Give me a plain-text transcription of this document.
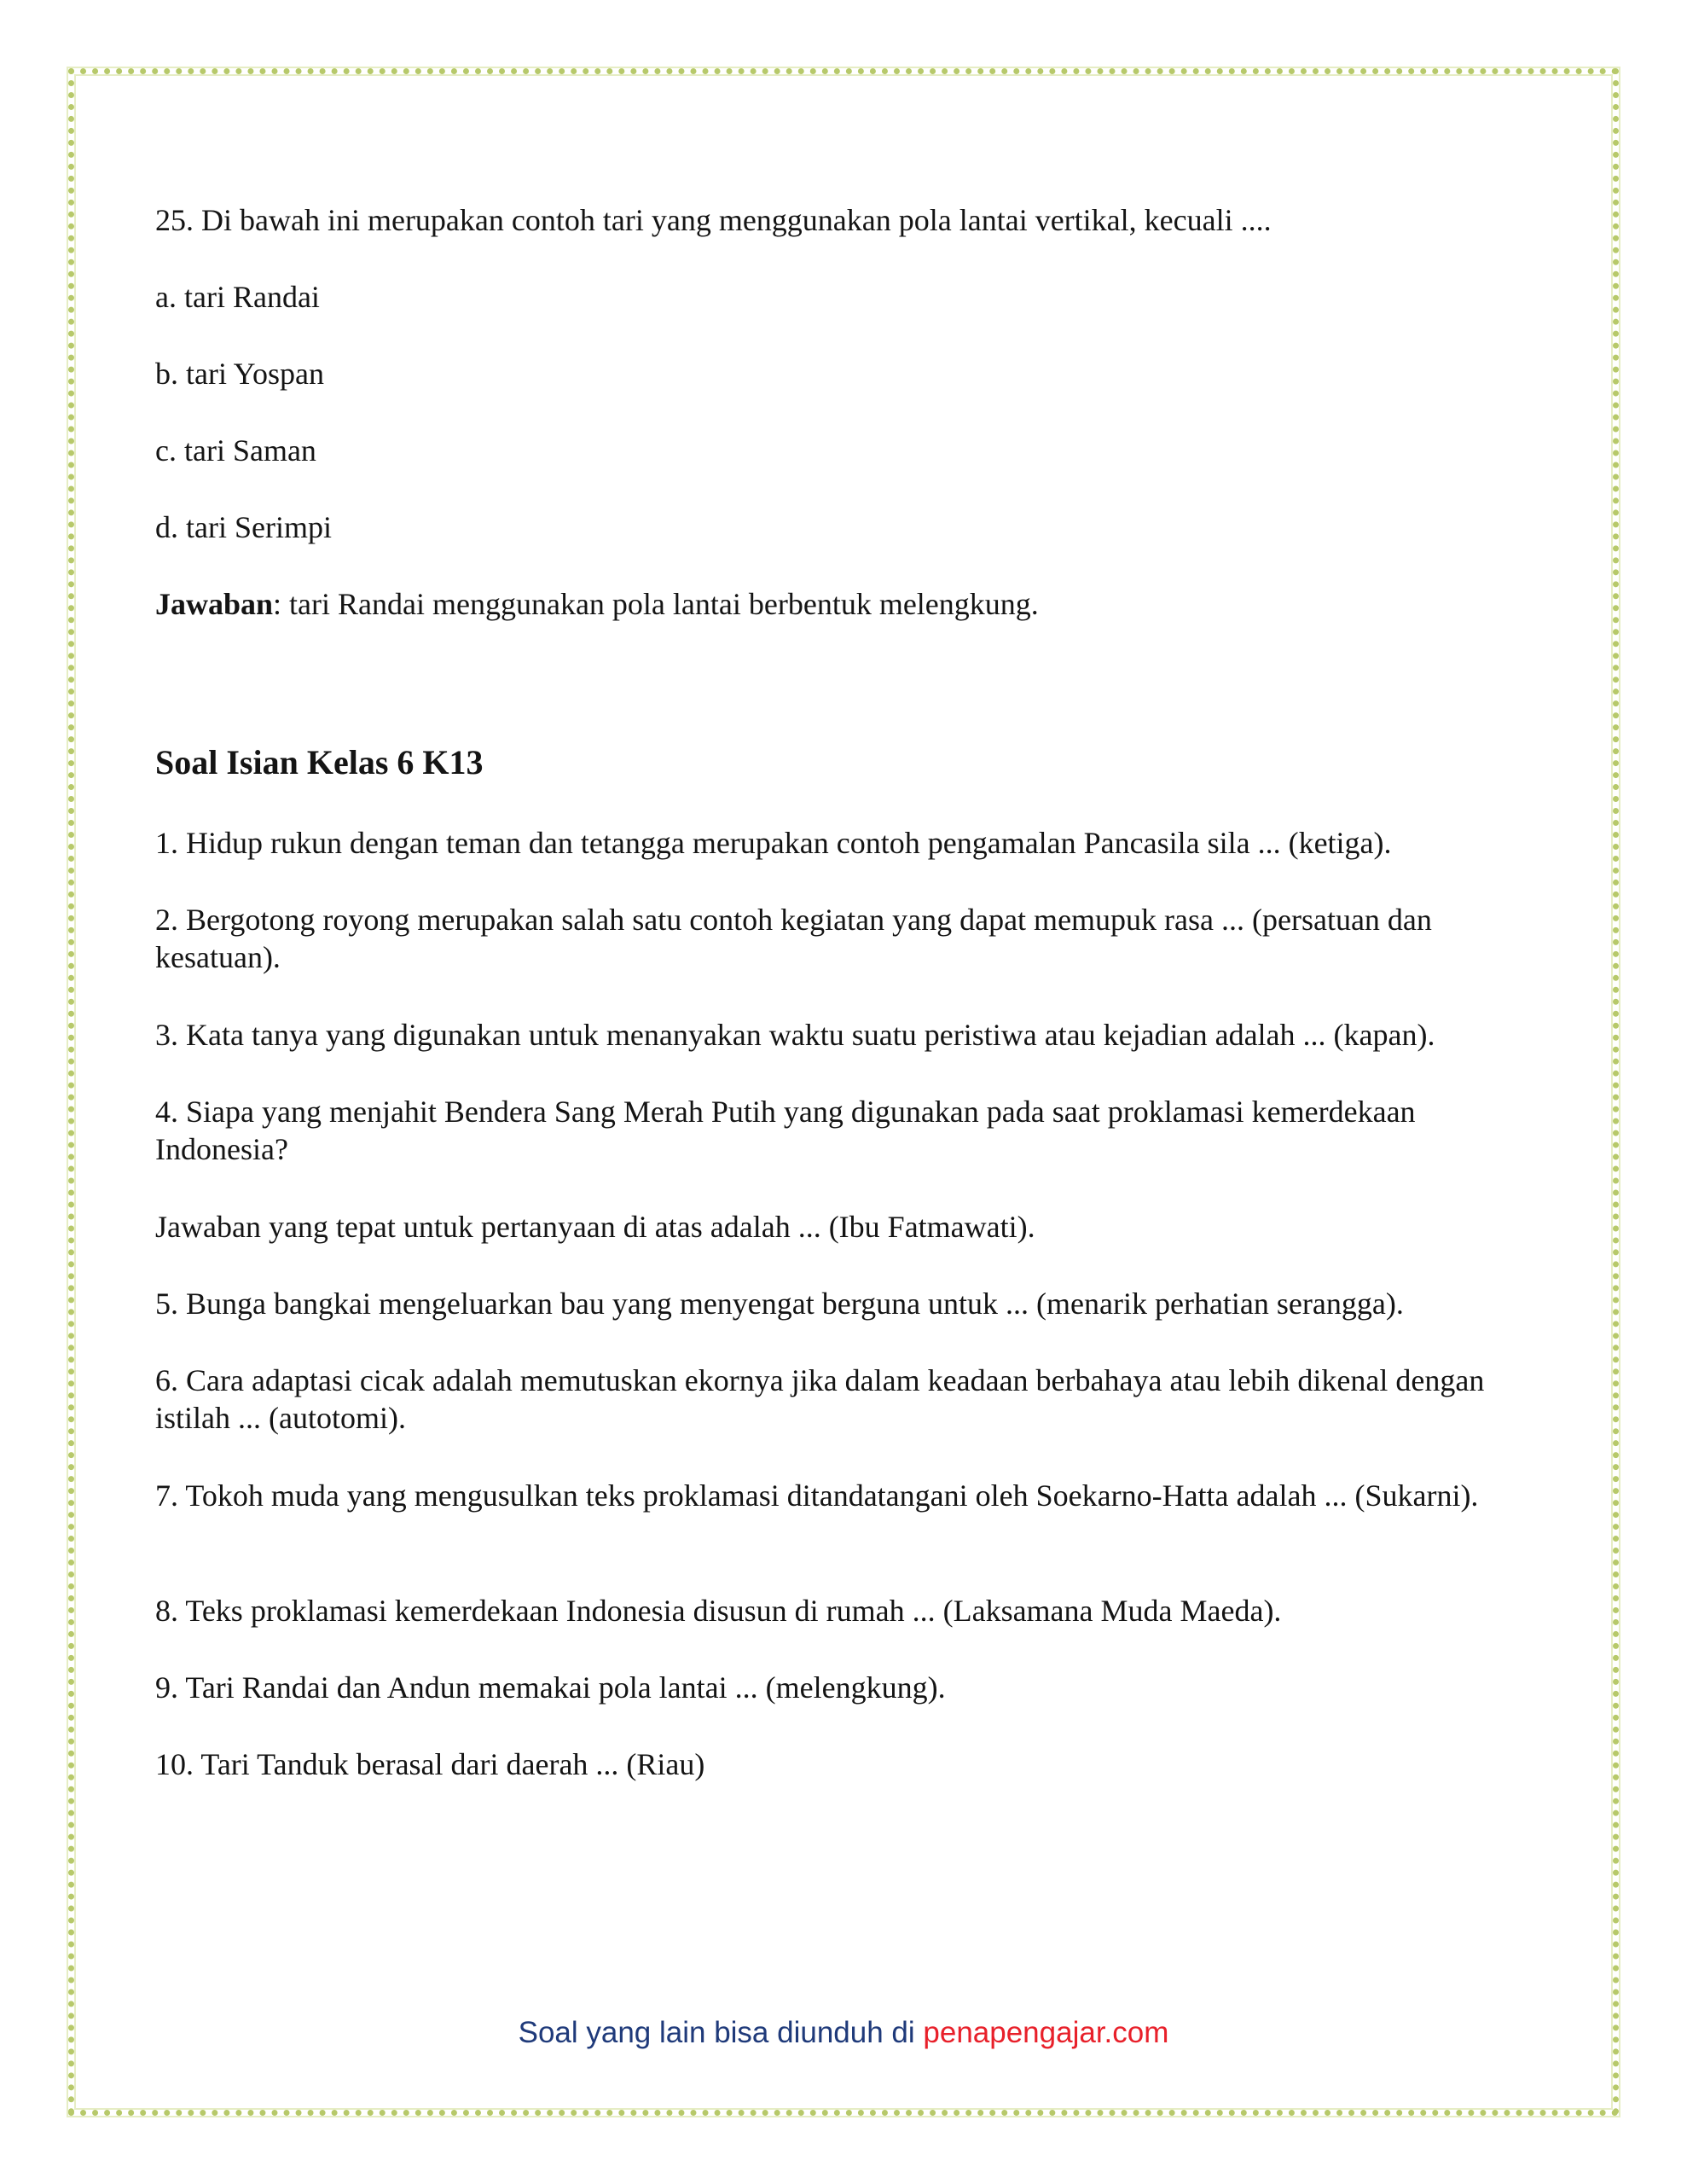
25. Di bawah ini merupakan contoh tari yang menggunakan pola lantai vertikal, kecuali ....
a. tari Randai
b. tari Yospan
c. tari Saman
d. tari Serimpi
Jawaban: tari Randai menggunakan pola lantai berbentuk melengkung.
Soal Isian Kelas 6 K13
1. Hidup rukun dengan teman dan tetangga merupakan contoh pengamalan Pancasila sila ... (ketiga).
2. Bergotong royong merupakan salah satu contoh kegiatan yang dapat memupuk rasa ... (persatuan dan kesatuan).
3. Kata tanya yang digunakan untuk menanyakan waktu suatu peristiwa atau kejadian adalah ... (kapan).
4. Siapa yang menjahit Bendera Sang Merah Putih yang digunakan pada saat proklamasi kemerdekaan Indonesia?
Jawaban yang tepat untuk pertanyaan di atas adalah ... (Ibu Fatmawati).
5. Bunga bangkai mengeluarkan bau yang menyengat berguna untuk ... (menarik perhatian serangga).
6. Cara adaptasi cicak adalah memutuskan ekornya jika dalam keadaan berbahaya atau lebih dikenal dengan istilah ... (autotomi).
7. Tokoh muda yang mengusulkan teks proklamasi ditandatangani oleh Soekarno-Hatta adalah ... (Sukarni).
8. Teks proklamasi kemerdekaan Indonesia disusun di rumah ... (Laksamana Muda Maeda).
9. Tari Randai dan Andun memakai pola lantai ... (melengkung).
10. Tari Tanduk berasal dari daerah ... (Riau)
Soal yang lain bisa diunduh di penapengajar.com
